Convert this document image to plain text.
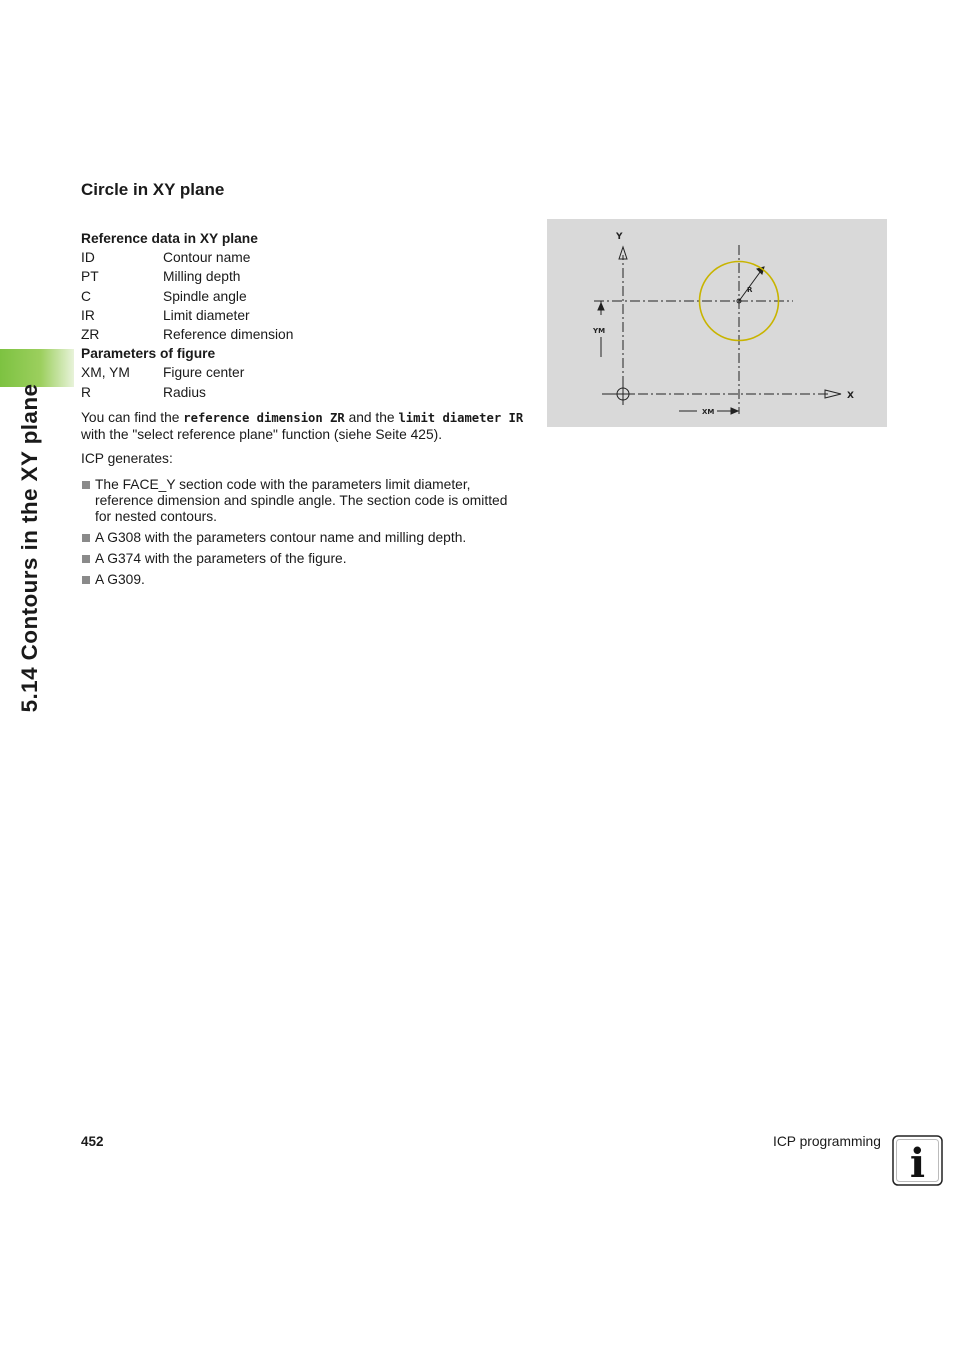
5.14 Contours in the XY plane
Circle in XY plane
Reference data in XY plane
ID	Contour name
PT	Milling depth
C	Spindle angle
IR	Limit diameter
ZR	Reference dimension
Parameters of figure
XM, YM	Figure center
R	Radius

You can find the reference dimension ZR and the limit diameter IR
with the "select reference plane" function (siehe Seite 425).

ICP generates:

The FACE_Y section code with the parameters limit diameter, reference dimension and spindle angle. The section code is omitted for nested contours.
A G308 with the parameters contour name and milling depth.
A G374 with the parameters of the figure.
A G309.
Y
X
R
YM
XM
452	ICP programming i
